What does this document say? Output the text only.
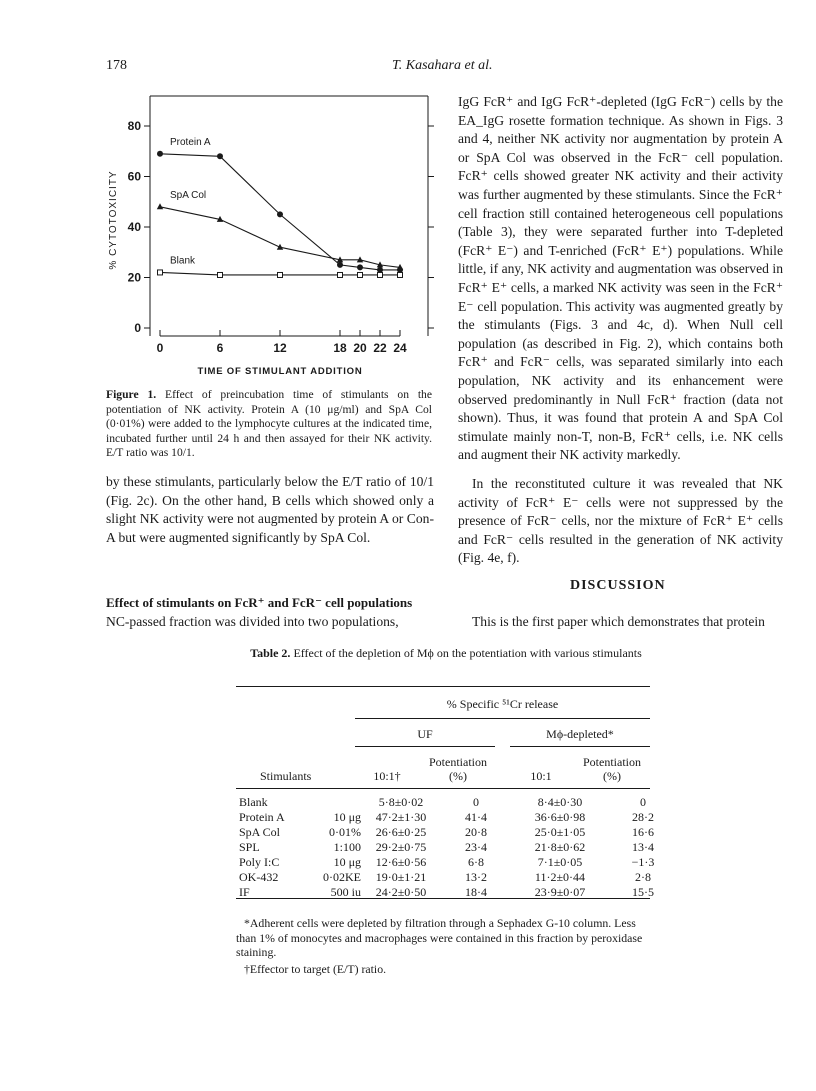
178	T. Kasahara et al.
0
20
40
60
80
0	6	12	18 20 22 24
% CYTOTOXICITY
TIME OF STIMULANT ADDITION
Protein A
SpA Col
Blank
Figure 1. Effect of preincubation time of stimulants on the potentiation of NK activity. Protein A (10 μg/ml) and SpA Col (0·01%) were added to the lymphocyte cultures at the indicated time, incubated further until 24 h and then assayed for their NK activity. E/T ratio was 10/1.
by these stimulants, particularly below the E/T ratio of 10/1 (Fig. 2c). On the other hand, B cells which showed only a slight NK activity were not augmented by protein A or Con-A but were augmented significantly by SpA Col.
Effect of stimulants on FcR⁺ and FcR⁻ cell populations
NC-passed fraction was divided into two populations,
IgG FcR⁺ and IgG FcR⁺-depleted (IgG FcR⁻) cells by the EA_IgG rosette formation technique. As shown in Figs. 3 and 4, neither NK activity nor augmentation by protein A or SpA Col was observed in the FcR⁻ cell population. FcR⁺ cells showed greater NK activity and their activity was further augmented by these stimulants. Since the FcR⁺ cell fraction still contained heterogeneous cell populations (Table 3), they were separated further into T-depleted (FcR⁺ E⁻) and T-enriched (FcR⁺ E⁺) populations. While little, if any, NK activity and augmentation was observed in FcR⁺ E⁺ cells, a marked NK activity was seen in the FcR⁺ E⁻ cell population. This activity was augmented greatly by the stimulants (Figs. 3 and 4c, d). When Null cell population (as described in Fig. 2), which contains both FcR⁺ and FcR⁻ cells, was separated similarly into each population, NK activity and its enhancement were observed predominantly in Null FcR⁺ fraction (data not shown). Thus, it was found that protein A and SpA Col stimulate mainly non-T, non-B, FcR⁺ cells, i.e. NK cells and augment their NK activity markedly.
In the reconstituted culture it was revealed that NK activity of FcR⁺ E⁻ cells were not suppressed by the presence of FcR⁻ cells, nor the mixture of FcR⁺ E⁺ cells and FcR⁻ cells resulted in the generation of NK activity (Fig. 4e, f).
DISCUSSION
This is the first paper which demonstrates that protein
Table 2. Effect of the depletion of Mϕ on the potentiation with various stimulants
% Specific ⁵¹Cr release
UF	Mϕ-depleted*
Stimulants	10:1†
Potentiation
(%)	10:1
Potentiation
(%)
Blank		5·8±0·02	0	8·4±0·30	0
Protein A	10 μg	47·2±1·30	41·4	36·6±0·98	28·2
SpA Col	0·01%	26·6±0·25	20·8	25·0±1·05	16·6
SPL	1:100	29·2±0·75	23·4	21·8±0·62	13·4
Poly I:C	10 μg	12·6±0·56	6·8	7·1±0·05	−1·3
OK-432	0·02KE	19·0±1·21	13·2	11·2±0·44	2·8
IF	500 iu	24·2±0·50	18·4	23·9±0·07	15·5
*Adherent cells were depleted by filtration through a Sephadex G-10 column. Less than 1% of monocytes and macrophages were contained in this fraction by peroxidase staining.
†Effector to target (E/T) ratio.
